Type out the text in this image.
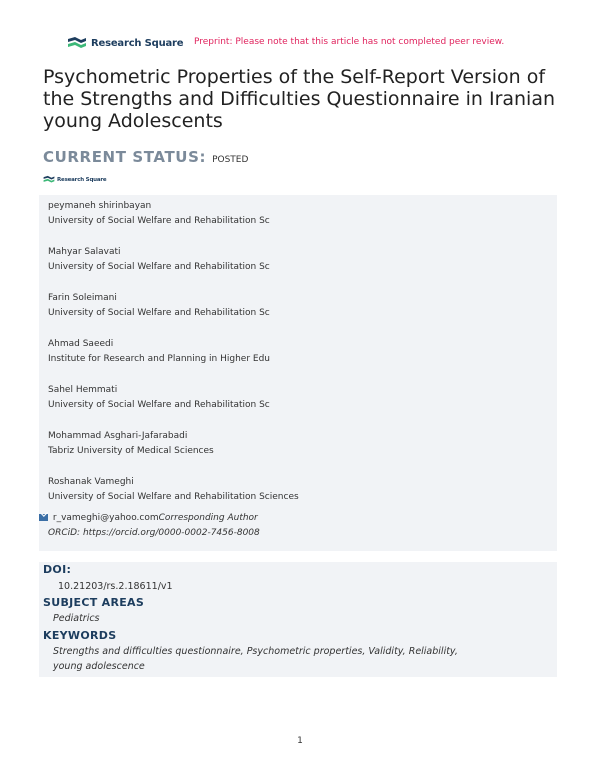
Research Square Preprint: Please note that this article has not completed peer review.
Psychometric Properties of the Self-Report Version of the Strengths and Difficulties Questionnaire in Iranian young Adolescents
CURRENT STATUS: POSTED
Research Square
peymaneh shirinbayan
University of Social Welfare and Rehabilitation Sc
Mahyar Salavati
University of Social Welfare and Rehabilitation Sc
Farin Soleimani
University of Social Welfare and Rehabilitation Sc
Ahmad Saeedi
Institute for Research and Planning in Higher Edu
Sahel Hemmati
University of Social Welfare and Rehabilitation Sc
Mohammad Asghari-Jafarabadi
Tabriz University of Medical Sciences
Roshanak Vameghi
University of Social Welfare and Rehabilitation Sciences
r_vameghi@yahoo.comCorresponding Author
ORCiD: https://orcid.org/0000-0002-7456-8008
DOI:
10.21203/rs.2.18611/v1
SUBJECT AREAS
Pediatrics
KEYWORDS
Strengths and difficulties questionnaire, Psychometric properties, Validity, Reliability,
young adolescence
1
